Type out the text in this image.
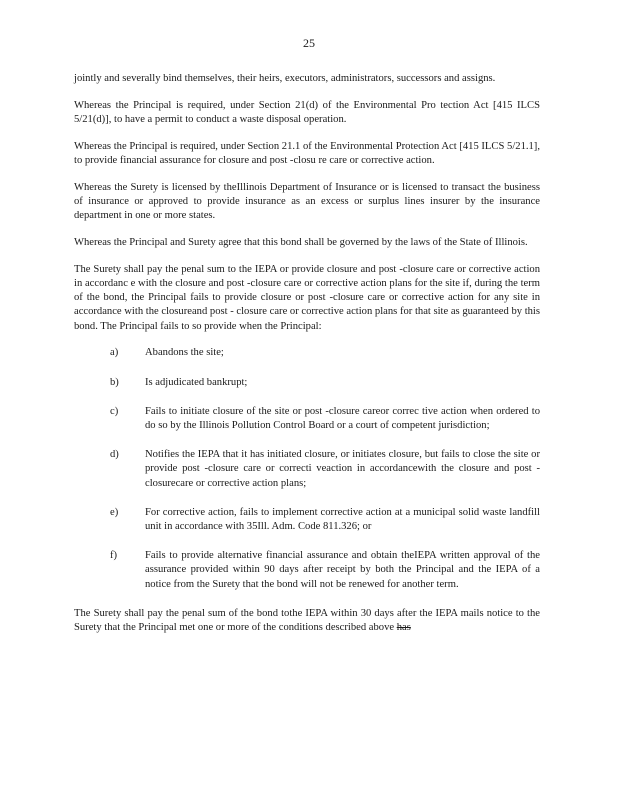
25

jointly and severally bind themselves, their heirs, executors, administrators, successors and assigns.

Whereas the Principal is required, under Section 21(d) of the Environmental Pro tection Act [415 ILCS 5/21(d)], to have a permit to conduct a waste disposal operation.

Whereas the Principal is required, under Section 21.1 of the Environmental Protection Act [415 ILCS 5/21.1], to provide financial assurance for closure and post -closu re care or corrective action.

Whereas the Surety is licensed by theIllinois Department of Insurance or is licensed to transact the business of insurance or approved to provide insurance as an excess or surplus lines insurer by the insurance department in one or more states.

Whereas the Principal and Surety agree that this bond shall be governed by the laws of the State of Illinois.

The Surety shall pay the penal sum to the IEPA or provide closure and post -closure care or corrective action in accordanc e with the closure and post -closure care or corrective action plans for the site if, during the term of the bond, the Principal fails to provide closure or post -closure care or corrective action for any site in accordance with the closureand post - closure care or corrective action plans for that site as guaranteed by this bond. The Principal fails to so provide when the Principal:

a)	Abandons the site;
b) Is adjudicated bankrupt;
c)	Fails to initiate closure of the site or post -closure careor correc tive action when ordered to do so by the Illinois Pollution Control Board or a court of competent jurisdiction;
d) Notifies the IEPA that it has initiated closure, or initiates closure, but fails to close the site or provide post -closure care or correcti veaction in accordancewith the closure and post -closurecare or corrective action plans;
e)	For corrective action, fails to implement corrective action at a municipal solid waste landfill unit in accordance with 35Ill. Adm. Code 811.326; or
f)	Fails to provide alternative financial assurance and obtain theIEPA written approval of the assurance provided within 90 days after receipt by both the Principal and the IEPA of a notice from the Surety that the bond will not be renewed for another term.

The Surety shall pay the penal sum of the bond tothe IEPA within 30 days after the IEPA mails notice to the Surety that the Principal met one or more of the conditions described above has
